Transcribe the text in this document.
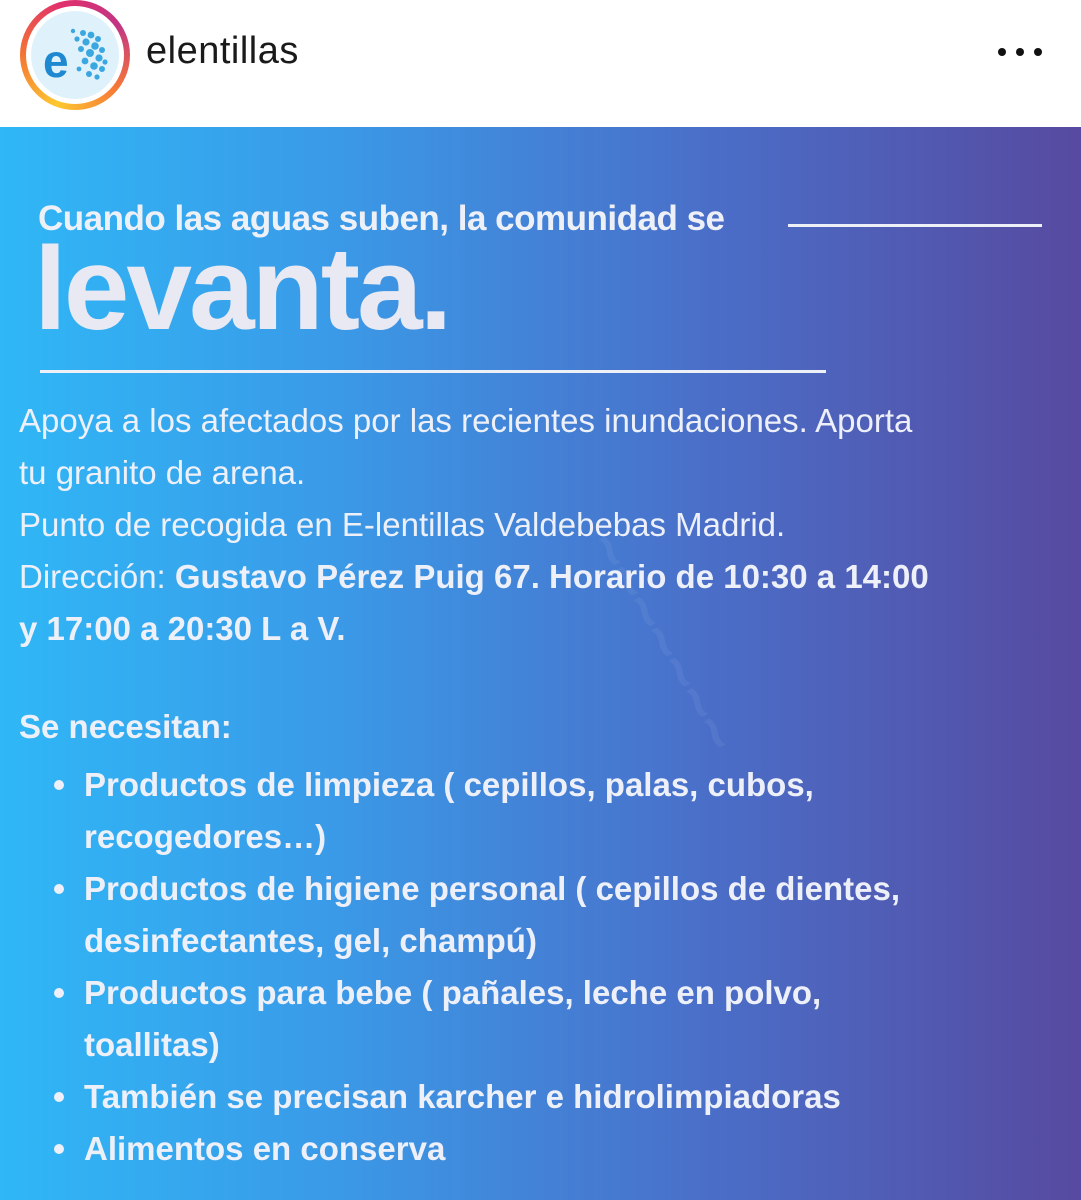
e elentillas
~~~~~~~
Cuando las aguas suben, la comunidad se
levanta.
Apoya a los afectados por las recientes inundaciones. Aporta
tu granito de arena.
Punto de recogida en E-lentillas Valdebebas Madrid.
Dirección: Gustavo Pérez Puig 67. Horario de 10:30 a 14:00
y 17:00 a 20:30 L a V.
Se necesitan:
Productos de limpieza ( cepillos, palas, cubos,
recogedores…)
Productos de higiene personal ( cepillos de dientes,
desinfectantes, gel, champú)
Productos para bebe ( pañales, leche en polvo,
toallitas)
También se precisan karcher e hidrolimpiadoras
Alimentos en conserva
